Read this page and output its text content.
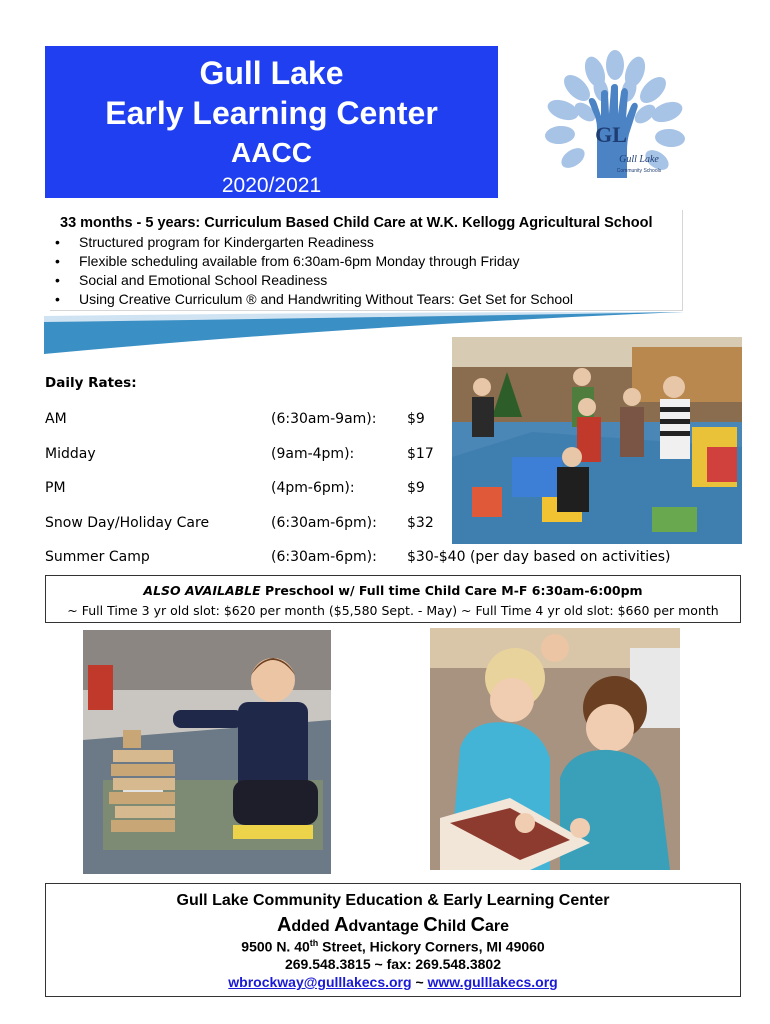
Gull Lake
Early Learning Center
AACC
2020/2021
GL
Gull Lake
Community Schools
33 months - 5 years: Curriculum Based Child Care at W.K. Kellogg Agricultural School
• Structured program for Kindergarten Readiness
• Flexible scheduling available from 6:30am-6pm Monday through Friday
• Social and Emotional School Readiness
• Using Creative Curriculum ® and Handwriting Without Tears: Get Set for School
Daily Rates:
AM	(6:30am-9am): $9
Midday	(9am-4pm):	$17
PM	(4pm-6pm):	$9
Snow Day/Holiday Care	(6:30am-6pm): $32
Summer Camp	(6:30am-6pm): $30-$40 (per day based on activities)
ALSO AVAILABLE Preschool w/ Full time Child Care M-F 6:30am-6:00pm
~ Full Time 3 yr old slot: $620 per month ($5,580 Sept. - May) ~ Full Time 4 yr old slot: $660 per month
Gull Lake Community Education & Early Learning Center
Added Advantage Child Care
9500 N. 40th Street, Hickory Corners, MI 49060
269.548.3815 ~ fax: 269.548.3802
wbrockway@gulllakecs.org ~ www.gulllakecs.org
